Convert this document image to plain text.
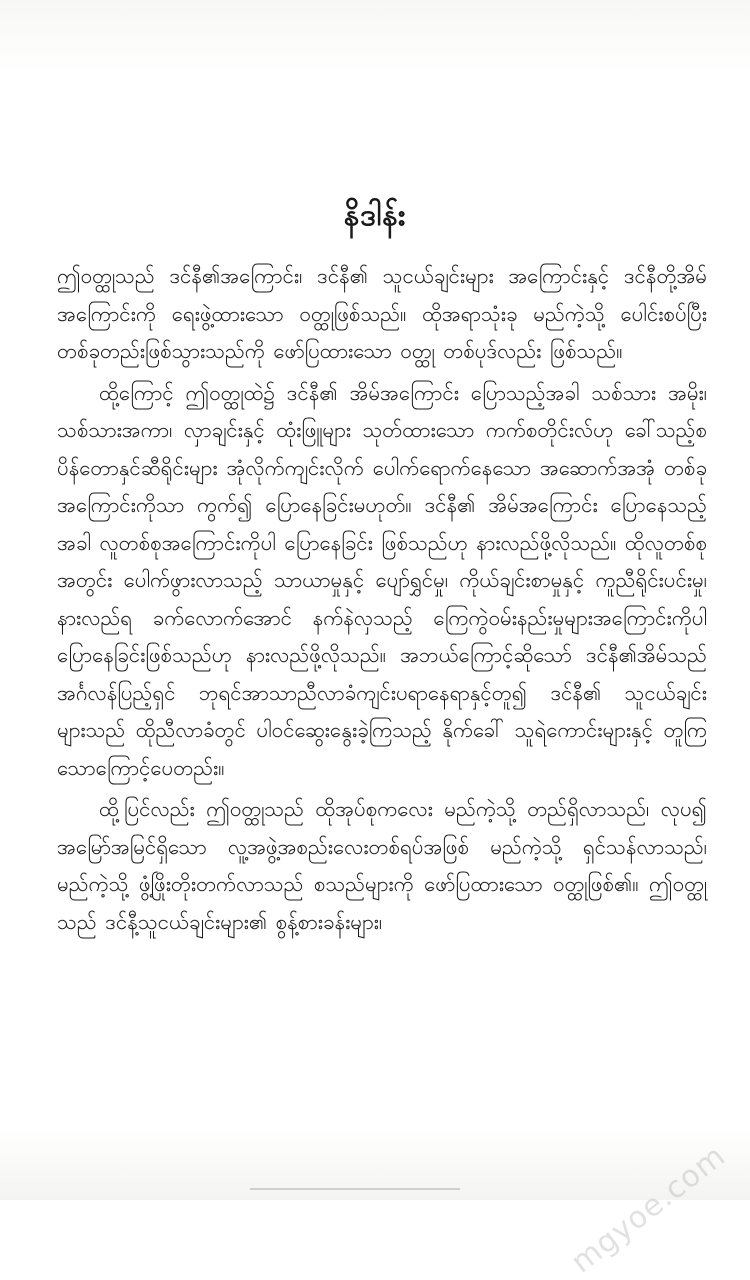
နိဒါန်း

ဤဝတ္ထုသည် ဒင်နီ၏အကြောင်း၊ ဒင်နီ၏ သူငယ်ချင်းများ အကြောင်းနှင့် ဒင်နီတို့အိမ်အကြောင်းကို ရေးဖွဲ့ထားသော ဝတ္ထုဖြစ်သည်။ ထိုအရာသုံးခု မည်ကဲ့သို့ ပေါင်းစပ်ပြီး တစ်ခုတည်းဖြစ်သွားသည်ကို ဖော်ပြထားသော ဝတ္ထု တစ်ပုဒ်လည်း ဖြစ်သည်။

ထို့ကြောင့် ဤဝတ္ထုထဲ၌ ဒင်နီ၏ အိမ်အကြောင်း ပြောသည့်အခါ သစ်သား အမိုး၊ သစ်သားအကာ၊ လှာချင်းနှင့် ထုံးဖြူများ သုတ်ထားသော ကက်စတိုင်းလ်ဟု ခေါ်သည့်စပိန်တောနှင်ဆီရိုင်းများ အုံလိုက်ကျင်းလိုက် ပေါက်ရောက်နေသော အဆောက်အအုံ တစ်ခုအကြောင်းကိုသာ ကွက်၍ ပြောနေခြင်းမဟုတ်။ ဒင်နီ၏ အိမ်အကြောင်း ပြောနေသည့်အခါ လူတစ်စုအကြောင်းကိုပါ ပြောနေခြင်း ဖြစ်သည်ဟု နားလည်ဖို့လိုသည်။ ထိုလူတစ်စုအတွင်း ပေါက်ဖွားလာသည့် သာယာမှုနှင့် ပျော်ရွှင်မှု၊ ကိုယ်ချင်းစာမှုနှင့် ကူညီရိုင်းပင်းမှု၊ နားလည်ရ ခက်လောက်အောင် နက်နဲလှသည့် ကြေကွဲဝမ်းနည်းမှုများအကြောင်းကိုပါ ပြောနေခြင်းဖြစ်သည်ဟု နားလည်ဖို့လိုသည်။ အဘယ်ကြောင့်ဆိုသော် ဒင်နီ၏အိမ်သည် အင်္ဂလန်ပြည့်ရှင် ဘုရင်အာသာညီလာခံကျင်းပရာနေရာနှင့်တူ၍ ဒင်နီ၏ သူငယ်ချင်းများသည် ထိုညီလာခံတွင် ပါဝင်ဆွေးနွေးခဲ့ကြသည့် နိုက်ခေါ် သူရဲကောင်းများနှင့် တူကြသောကြောင့်ပေတည်း။

ထို့ပြင်လည်း ဤဝတ္ထုသည် ထိုအုပ်စုကလေး မည်ကဲ့သို့ တည်ရှိလာသည်၊ လုပ၍ အမြော်အမြင်ရှိသော လူ့အဖွဲ့အစည်းလေးတစ်ရပ်အဖြစ် မည်ကဲ့သို့ ရှင်သန်လာသည်၊ မည်ကဲ့သို့ ဖွံ့ဖြိုးတိုးတက်လာသည် စသည်များကို ဖော်ပြထားသော ဝတ္ထုဖြစ်၏။ ဤဝတ္ထုသည် ဒင်နီ့သူငယ်ချင်းများ၏ စွန့်စားခန်းများ၊

mgyoe.com
